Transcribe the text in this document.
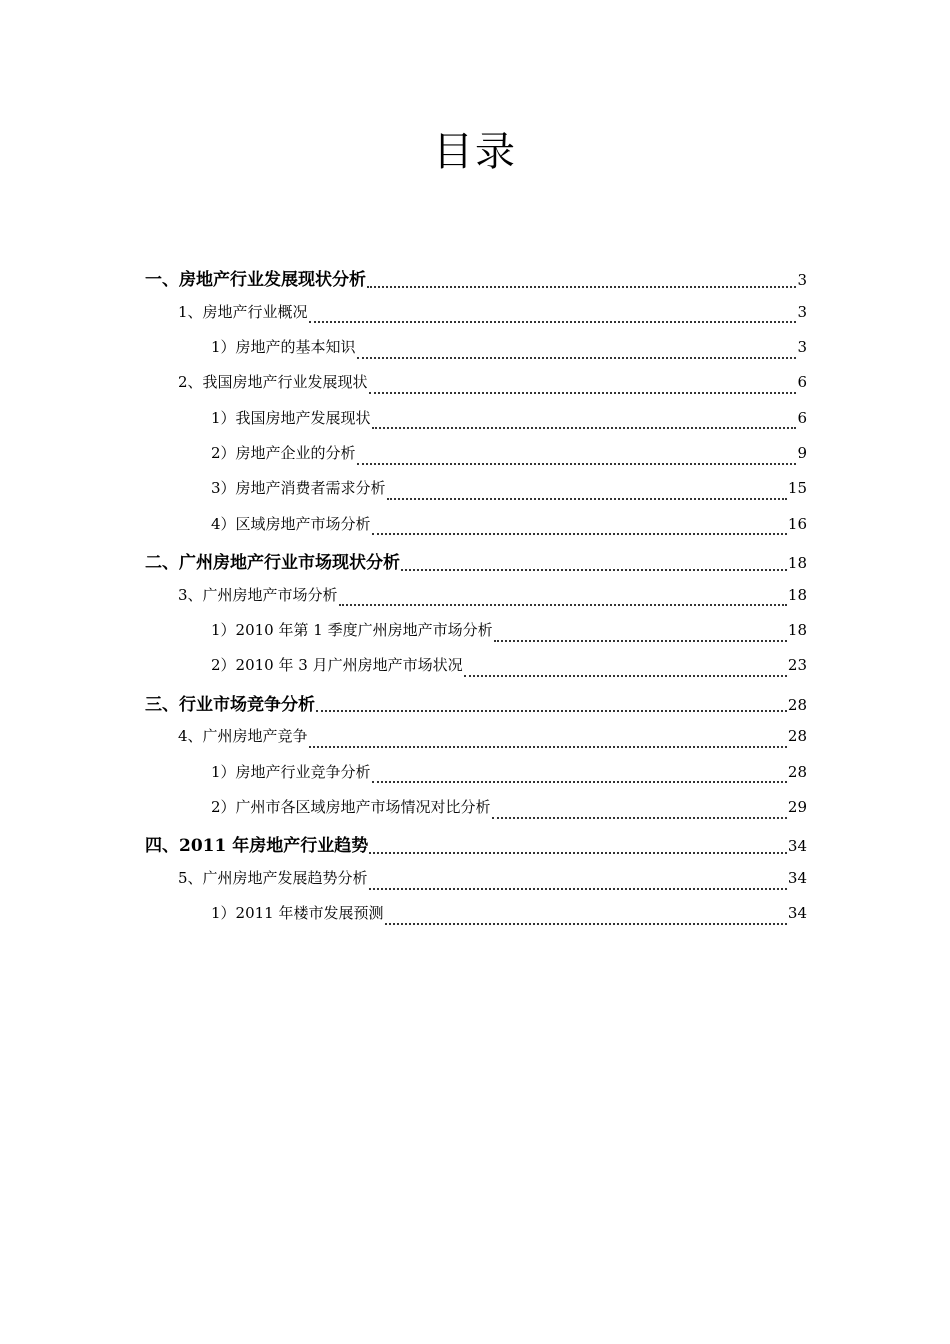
目录
一、房地产行业发展现状分析	3
1、房地产行业概况	3
1）房地产的基本知识	3
2、我国房地产行业发展现状	6
1）我国房地产发展现状	6
2）房地产企业的分析	9
3）房地产消费者需求分析	15
4）区域房地产市场分析	16
二、广州房地产行业市场现状分析	18
3、广州房地产市场分析	18
1）2010 年第 1 季度广州房地产市场分析	18
2）2010 年 3 月广州房地产市场状况	23
三、行业市场竞争分析	28
4、广州房地产竞争	28
1）房地产行业竞争分析	28
2）广州市各区域房地产市场情况对比分析	29
四、2011 年房地产行业趋势	34
5、广州房地产发展趋势分析	34
1）2011 年楼市发展预测	34
